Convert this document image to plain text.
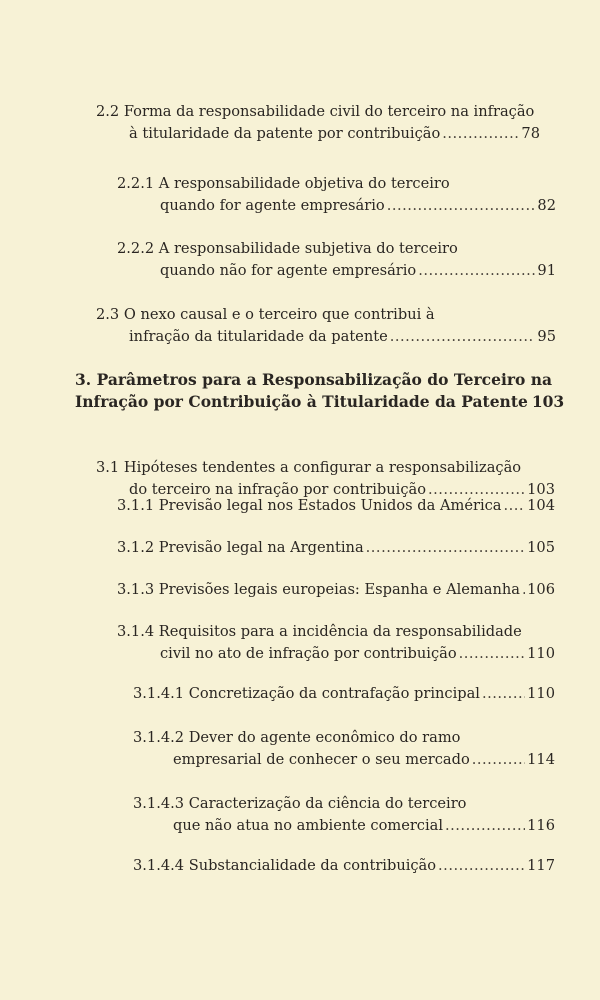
2.2 Forma da responsabilidade civil do terceiro na infração
à titularidade da patente por contribuição .....	78
2.2.1 A responsabilidade objetiva do terceiro
quando for agente empresário .....	82
2.2.2 A responsabilidade subjetiva do terceiro
quando não for agente empresário .....	91
2.3 O nexo causal e o terceiro que contribui à
infração da titularidade da patente .....	95
3. Parâmetros para a Responsabilização do Terceiro na
Infração por Contribuição à Titularidade da Patente 103
3.1 Hipóteses tendentes a configurar a responsabilização
do terceiro na infração por contribuição .....	103
3.1.1 Previsão legal nos Estados Unidos da América ..... 104
3.1.2 Previsão legal na Argentina .....	105
3.1.3 Previsões legais europeias: Espanha e Alemanha ..... 106
3.1.4 Requisitos para a incidência da responsabilidade
civil no ato de infração por contribuição .....	110
3.1.4.1 Concretização da contrafação principal .....	110
3.1.4.2 Dever do agente econômico do ramo
empresarial de conhecer o seu mercado .....	114
3.1.4.3 Caracterização da ciência do terceiro
que não atua no ambiente comercial .....	116
3.1.4.4 Substancialidade da contribuição .....	117
